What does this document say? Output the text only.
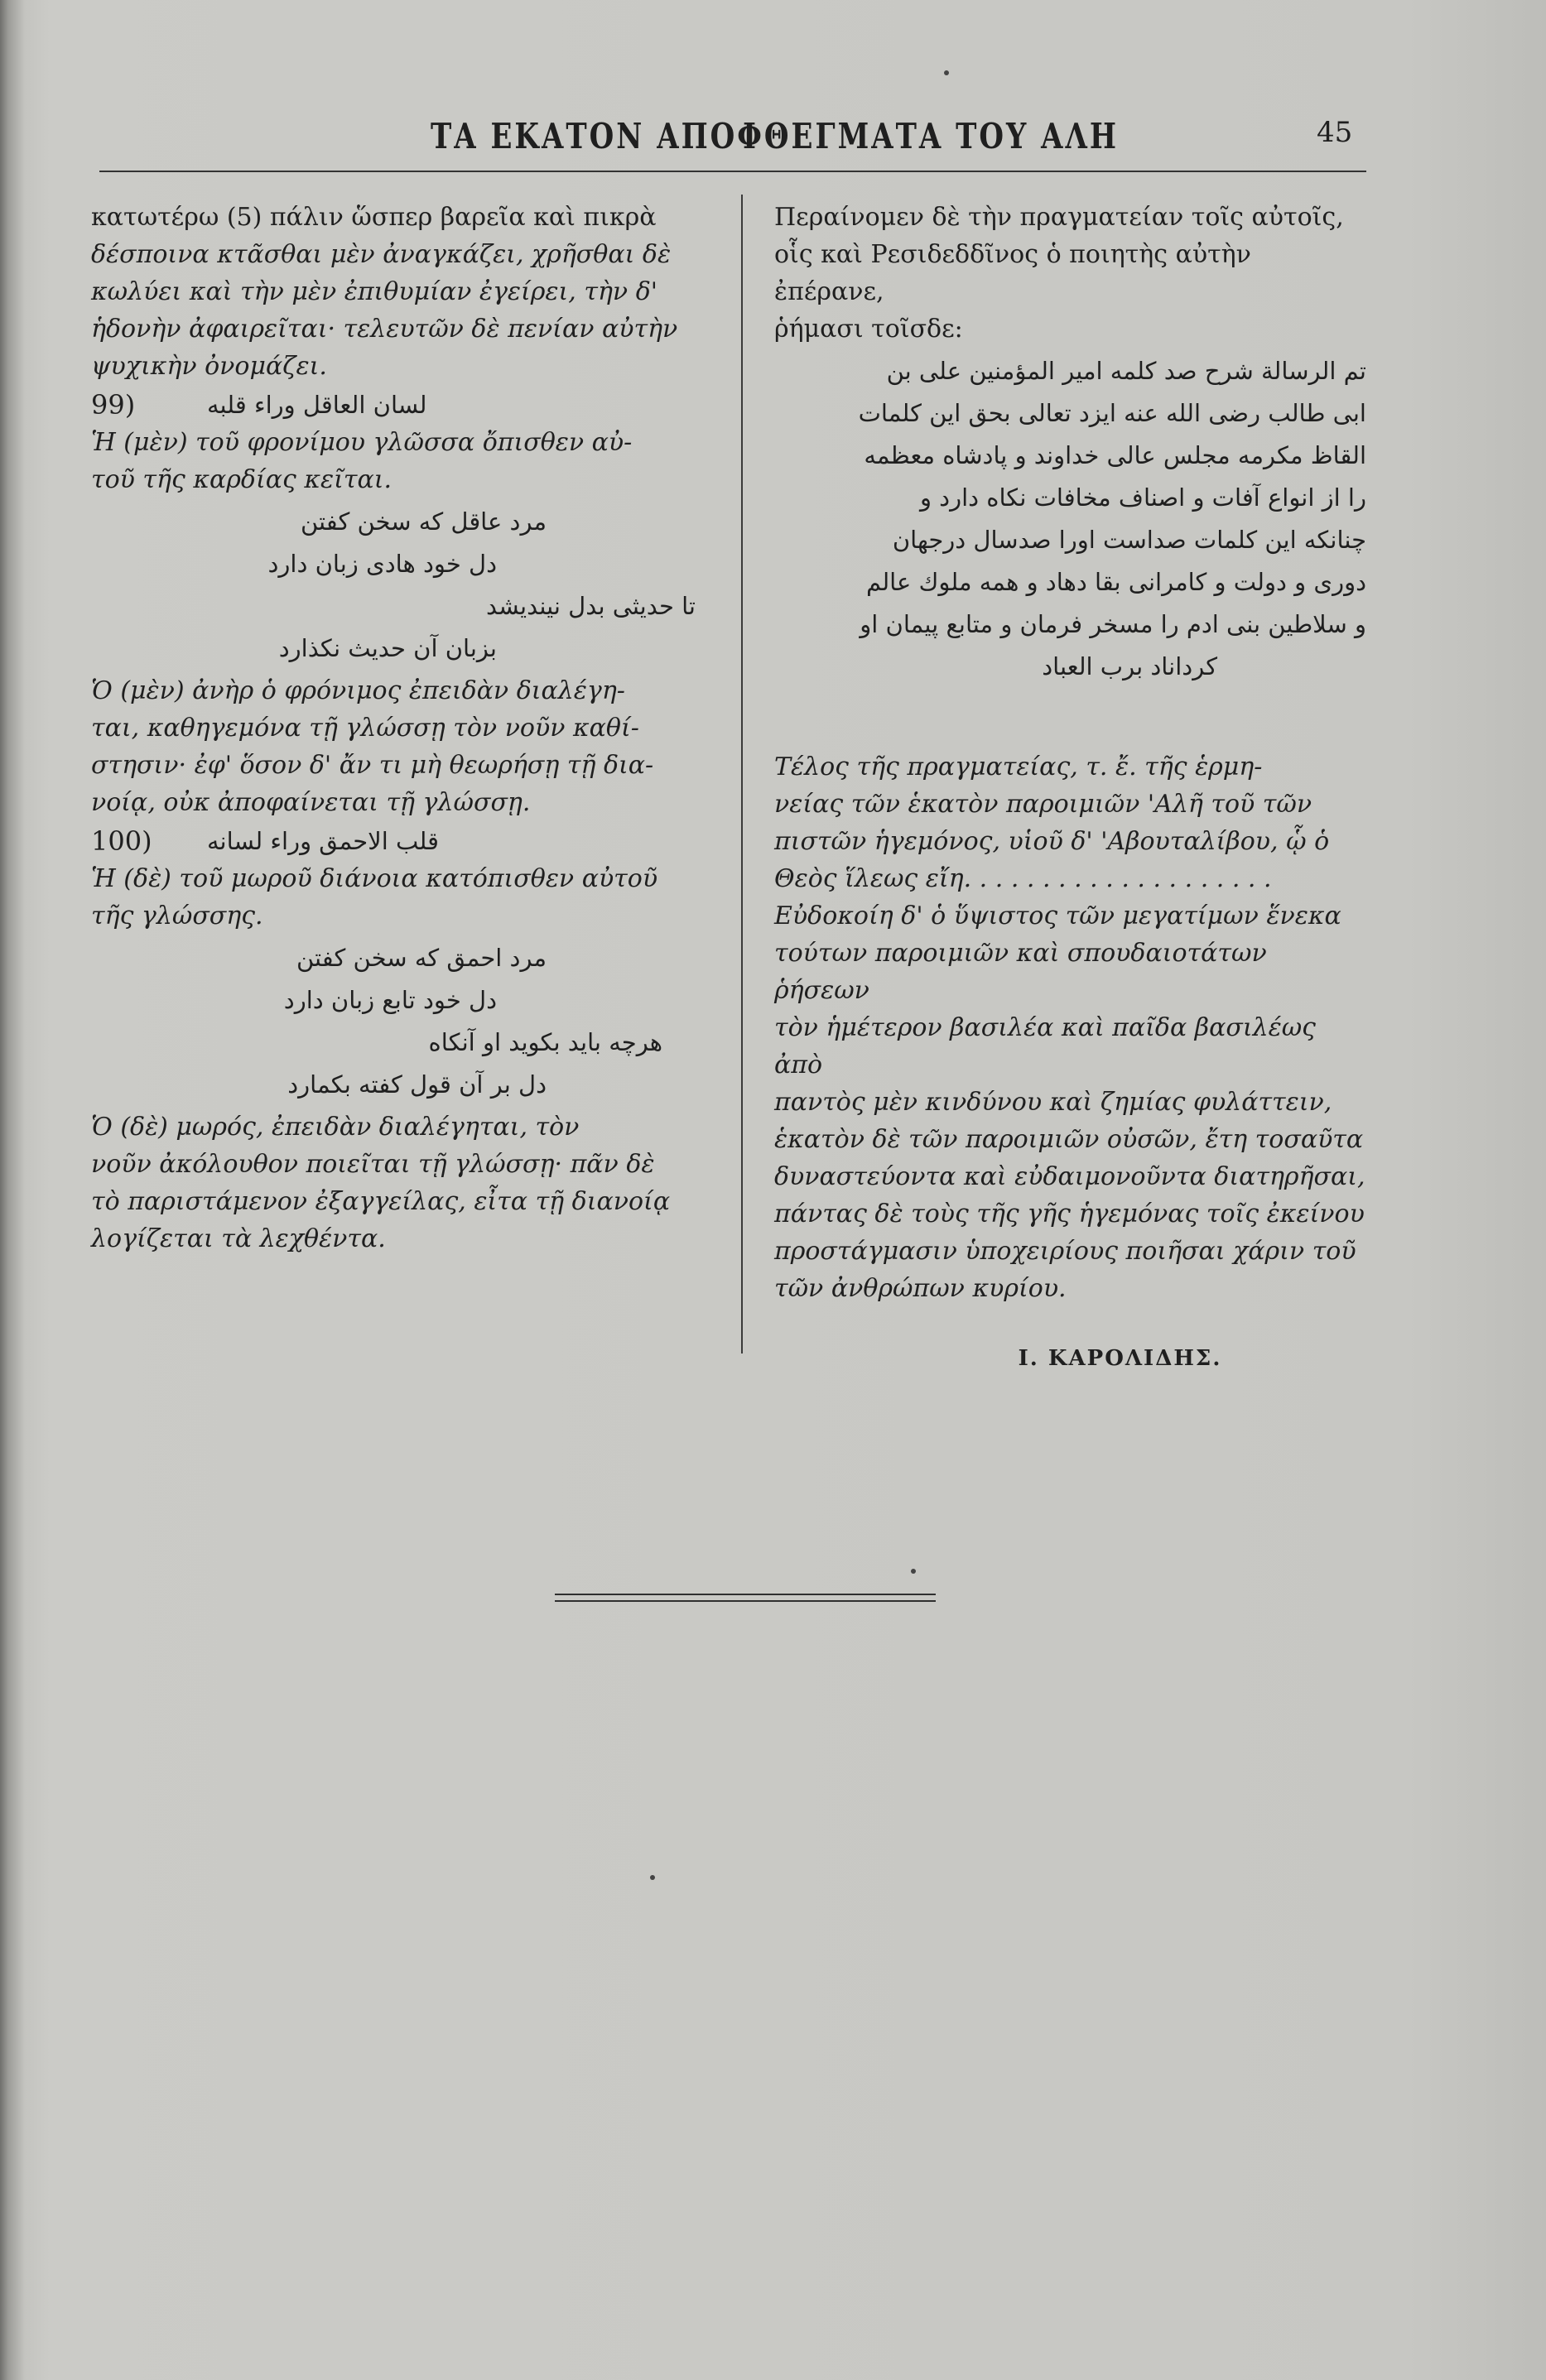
ΤΑ ΕΚΑΤΟΝ ΑΠΟΦΘΕΓΜΑΤΑ ΤΟΥ ΑΛΗ	45

κατωτέρω (5) πάλιν ὥσπερ βαρεῖα καὶ πικρὰ

δέσποινα κτᾶσθαι μὲν ἀναγκάζει, χρῆσθαι δὲ

κωλύει καὶ τὴν μὲν ἐπιθυμίαν ἐγείρει, τὴν δ'

ἡδονὴν ἀφαιρεῖται· τελευτῶν δὲ πενίαν αὐτὴν

ψυχικὴν ὀνομάζει.

99)	لسان العاقل وراء قلبه

Ἡ (μὲν) τοῦ φρονίμου γλῶσσα ὄπισθεν αὐ-

τοῦ τῆς καρδίας κεῖται.

مرد عاقل كه سخن كفتن
دل خود هادى زبان دارد
تا حديثى بدل نينديشد
بزبان آن حديث نكذارد

Ὁ (μὲν) ἀνὴρ ὁ φρόνιμος ἐπειδὰν διαλέγη-

ται, καθηγεμόνα τῇ γλώσσῃ τὸν νοῦν καθί-

στησιν· ἐφ' ὅσον δ' ἄν τι μὴ θεωρήσῃ τῇ δια-

νοίᾳ, οὐκ ἀποφαίνεται τῇ γλώσσῃ.

100)	قلب الاحمق وراء لسانه

Ἡ (δὲ) τοῦ μωροῦ διάνοια κατόπισθεν αὐτοῦ

τῆς γλώσσης.

مرد احمق كه سخن كفتن
دل خود تابع زبان دارد
هرچه بايد بكويد او آنكاه
دل بر آن قول كفته بكمارد

Ὁ (δὲ) μωρός, ἐπειδὰν διαλέγηται, τὸν

νοῦν ἀκόλουθον ποιεῖται τῇ γλώσσῃ· πᾶν δὲ

τὸ παριστάμενον ἐξαγγείλας, εἶτα τῇ διανοίᾳ

λογίζεται τὰ λεχθέντα.

Περαίνομεν δὲ τὴν πραγματείαν τοῖς αὐτοῖς,

οἷς καὶ Ρεσιδεδδῖνος ὁ ποιητὴς αὐτὴν ἐπέρανε,

ῥήμασι τοῖσδε:

تم الرسالة شرح صد كلمه امير المؤمنين على بن
ابى طالب رضى الله عنه ايزد تعالى بحق اين كلمات
القاظ مكرمه مجلس عالى خداوند و پادشاه معظمه
را از انواع آفات و اصناف مخافات نكاه دارد و
چنانكه اين كلمات صداست اورا صدسال درجهان
دورى و دولت و كامرانى بقا دهاد و همه ملوك عالم
و سلاطين بنى ادم را مسخر فرمان و متابع پيمان او
كرداناد برب العباد

Τέλος τῆς πραγματείας, τ. ἔ. τῆς ἑρμη-

νείας τῶν ἑκατὸν παροιμιῶν 'Αλῆ τοῦ τῶν

πιστῶν ἡγεμόνος, υἱοῦ δ' 'Αβουταλίβου, ᾧ ὁ

Θεὸς ἵλεως εἴη. . . . . . . . . . . . . . . . . . . .

Εὐδοκοίη δ' ὁ ὕψιστος τῶν μεγατίμων ἕνεκα

τούτων παροιμιῶν καὶ σπουδαιοτάτων ῥήσεων

τὸν ἡμέτερον βασιλέα καὶ παῖδα βασιλέως ἀπὸ

παντὸς μὲν κινδύνου καὶ ζημίας φυλάττειν,

ἑκατὸν δὲ τῶν παροιμιῶν οὐσῶν, ἔτη τοσαῦτα

δυναστεύοντα καὶ εὐδαιμονοῦντα διατηρῆσαι,

πάντας δὲ τοὺς τῆς γῆς ἡγεμόνας τοῖς ἐκείνου

προστάγμασιν ὑποχειρίους ποιῆσαι χάριν τοῦ

τῶν ἀνθρώπων κυρίου.

Ι. ΚΑΡΟΛΙΔΗΣ.
